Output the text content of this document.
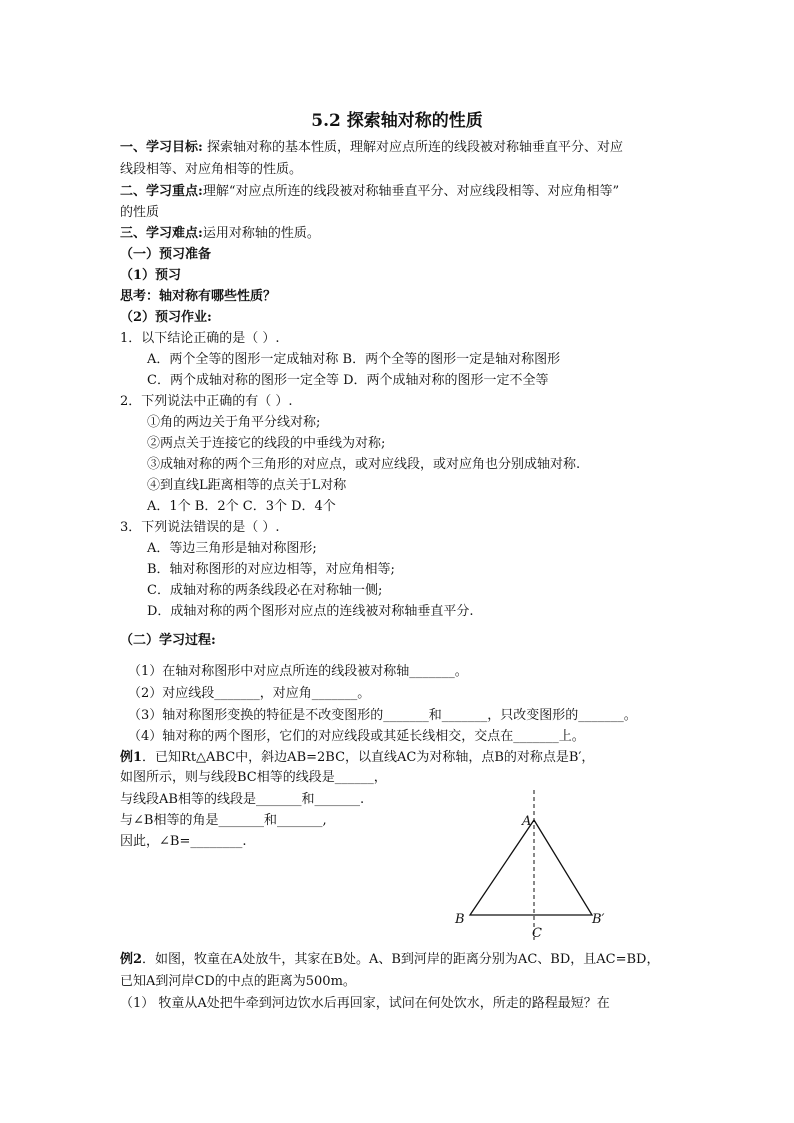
5.2 探索轴对称的性质
一、学习目标: 探索轴对称的基本性质，理解对应点所连的线段被对称轴垂直平分、对应
线段相等、对应角相等的性质。
二、学习重点:理解“对应点所连的线段被对称轴垂直平分、对应线段相等、对应角相等”
的性质
三、学习难点:运用对称轴的性质。
（一）预习准备
（1）预习
思考：轴对称有哪些性质？
（2）预习作业:
1．以下结论正确的是（ ）.
A．两个全等的图形一定成轴对称 B．两个全等的图形一定是轴对称图形
C．两个成轴对称的图形一定全等 D．两个成轴对称的图形一定不全等
2．下列说法中正确的有（ ）.
①角的两边关于角平分线对称;
②两点关于连接它的线段的中垂线为对称;
③成轴对称的两个三角形的对应点，或对应线段，或对应角也分别成轴对称.
④到直线L距离相等的点关于L对称
A．1个 B．2个 C．3个 D．4个
3．下列说法错误的是（ ）.
A．等边三角形是轴对称图形;
B．轴对称图形的对应边相等，对应角相等;
C．成轴对称的两条线段必在对称轴一侧;
D．成轴对称的两个图形对应点的连线被对称轴垂直平分.
（二）学习过程:
（1）在轴对称图形中对应点所连的线段被对称轴_______。
（2）对应线段_______，对应角_______。
（3）轴对称图形变换的特征是不改变图形的_______和_______，只改变图形的_______。
（4）轴对称的两个图形，它们的对应线段或其延长线相交，交点在_______上。
例1．已知Rt△ABC中，斜边AB=2BC，以直线AC为对称轴，点B的对称点是B′，
如图所示，则与线段BC相等的线段是______，
与线段AB相等的线段是_______和_______.
与∠B相等的角是_______和_______,
因此，∠B=________.
A
B	B′
C
例2．如图，牧童在A处放牛，其家在B处。A、B到河岸的距离分别为AC、BD，且AC=BD，
已知A到河岸CD的中点的距离为500m。
（1） 牧童从A处把牛牵到河边饮水后再回家，试问在何处饮水，所走的路程最短？在
